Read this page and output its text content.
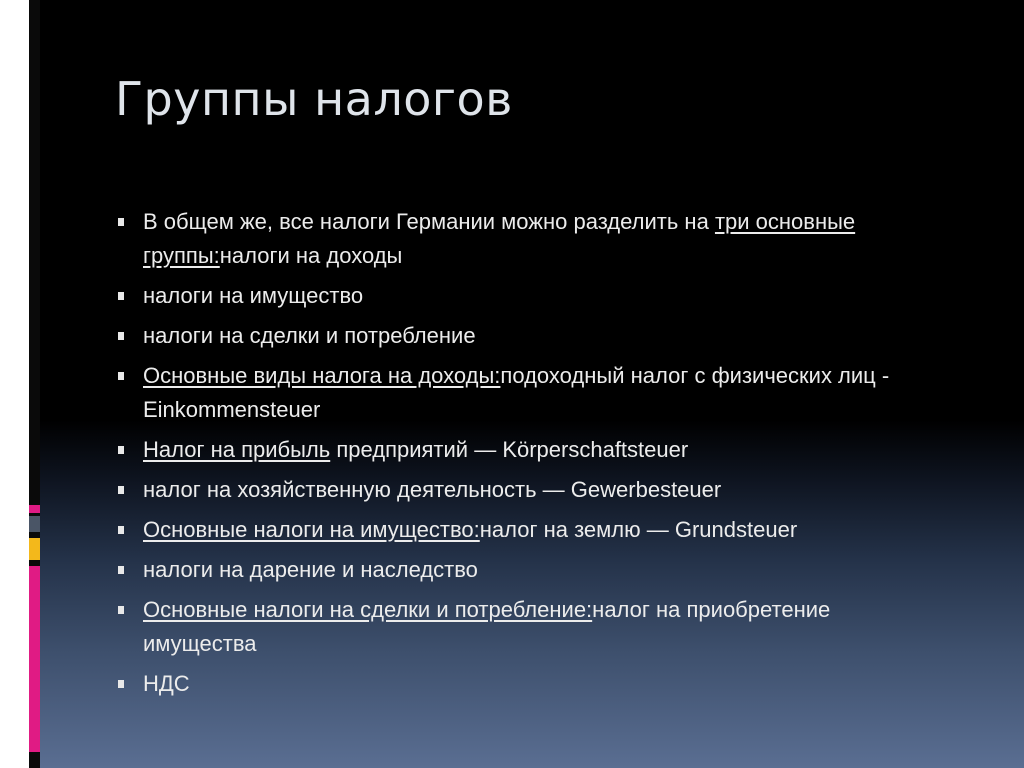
Группы налогов
В общем же, все налоги Германии можно разделить на три основные группы:налоги на доходы
налоги на имущество
налоги на сделки и потребление
Основные виды налога на доходы:подоходный налог с физических лиц - Einkommensteuer
Налог на прибыль предприятий — Körperschaftsteuer
налог на хозяйственную деятельность — Gewerbesteuer
Основные налоги на имущество:налог на землю — Grundsteuer
налоги на дарение и наследство
Основные налоги на сделки и потребление:налог на приобретение имущества
НДС
